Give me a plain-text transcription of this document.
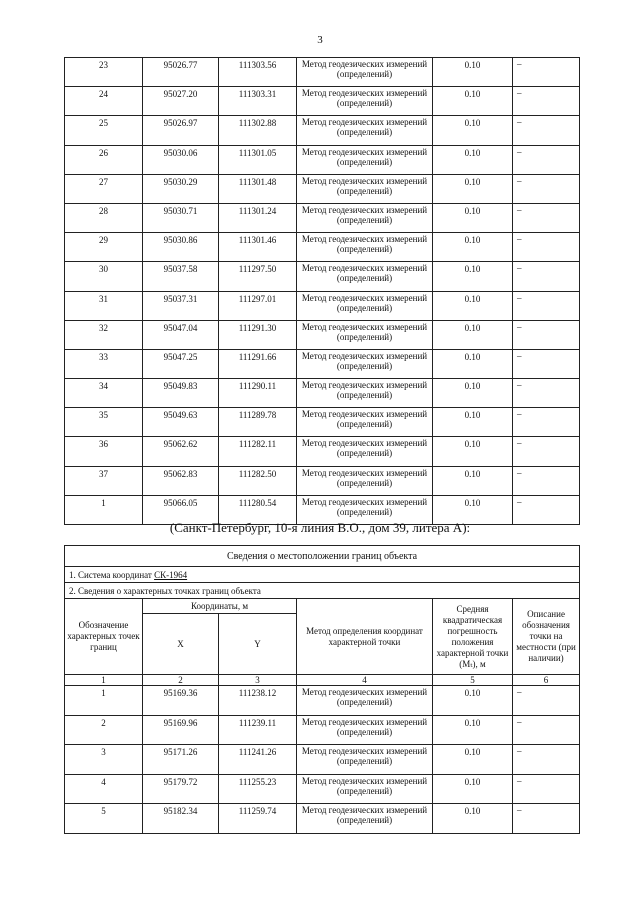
3
23	95026.77	111303.56	Метод геодезических измерений (определений)	0.10	–
24	95027.20	111303.31	Метод геодезических измерений (определений)	0.10	–
25	95026.97	111302.88	Метод геодезических измерений (определений)	0.10	–
26	95030.06	111301.05	Метод геодезических измерений (определений)	0.10	–
27	95030.29	111301.48	Метод геодезических измерений (определений)	0.10	–
28	95030.71	111301.24	Метод геодезических измерений (определений)	0.10	–
29	95030.86	111301.46	Метод геодезических измерений (определений)	0.10	–
30	95037.58	111297.50	Метод геодезических измерений (определений)	0.10	–
31	95037.31	111297.01	Метод геодезических измерений (определений)	0.10	–
32	95047.04	111291.30	Метод геодезических измерений (определений)	0.10	–
33	95047.25	111291.66	Метод геодезических измерений (определений)	0.10	–
34	95049.83	111290.11	Метод геодезических измерений (определений)	0.10	–
35	95049.63	111289.78	Метод геодезических измерений (определений)	0.10	–
36	95062.62	111282.11	Метод геодезических измерений (определений)	0.10	–
37	95062.83	111282.50	Метод геодезических измерений (определений)	0.10	–
1	95066.05	111280.54	Метод геодезических измерений (определений)	0.10	–
(Санкт-Петербург, 10-я линия В.О., дом 39, литера А):
Сведения о местоположении границ объекта					
1. Система координат СК-1964					
2. Сведения о характерных точках границ объекта					
Обозначение характерных точек границ	Координаты, м		Метод определения координат характерной точки	Средняя квадратическая погрешность положения характерной точки (Mₜ), м	Описание обозначения точки на местности (при наличии)
	X	Y			
1	2	3	4	5	6
1	95169.36	111238.12	Метод геодезических измерений (определений)	0.10	–
2	95169.96	111239.11	Метод геодезических измерений (определений)	0.10	–
3	95171.26	111241.26	Метод геодезических измерений (определений)	0.10	–
4	95179.72	111255.23	Метод геодезических измерений (определений)	0.10	–
5	95182.34	111259.74	Метод геодезических измерений (определений)	0.10	–
